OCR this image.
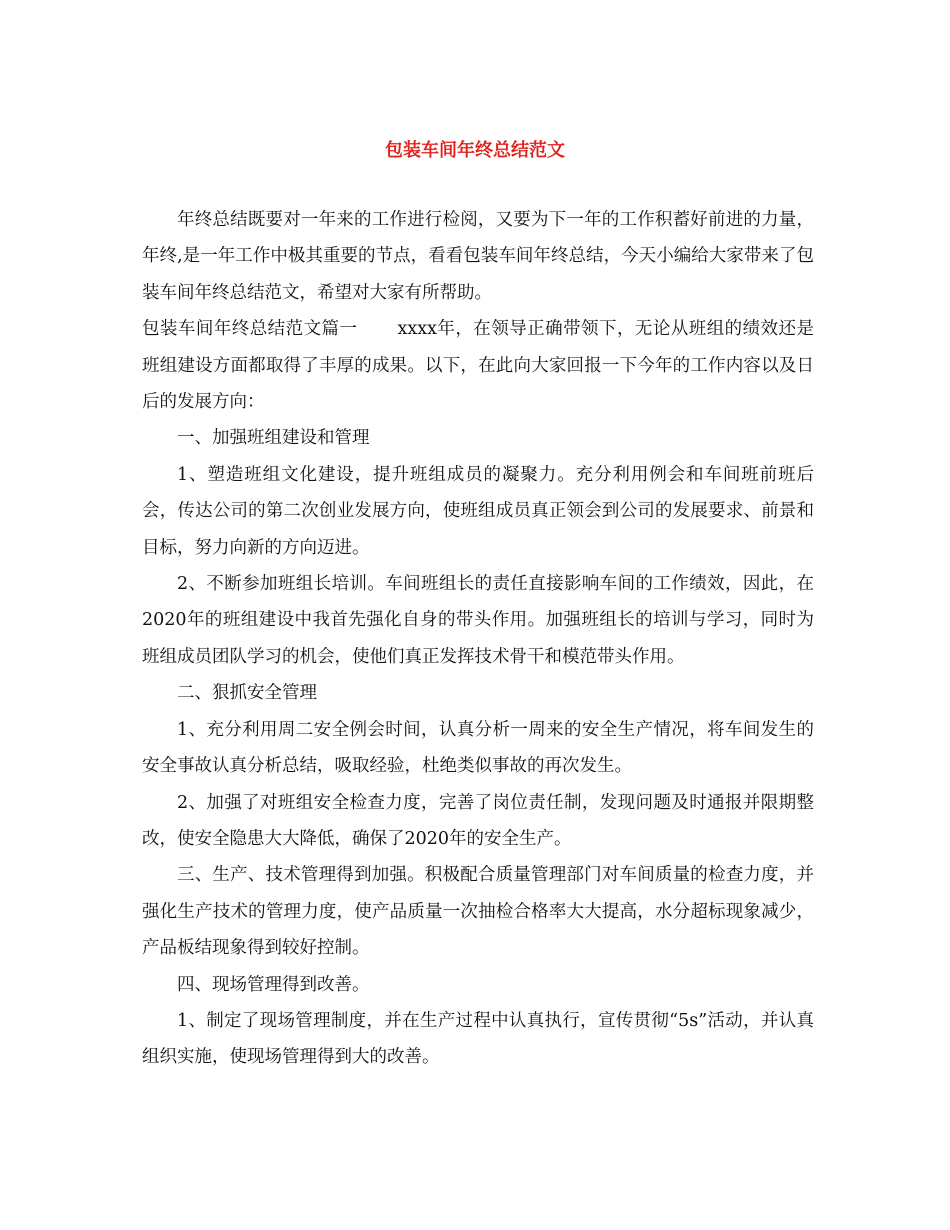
包装车间年终总结范文

年终总结既要对一年来的工作进行检阅，又要为下一年的工作积蓄好前进的力量，年终,是一年工作中极其重要的节点，看看包装车间年终总结，今天小编给大家带来了包装车间年终总结范文，希望对大家有所帮助。

包装车间年终总结范文篇一 xxxx年，在领导正确带领下，无论从班组的绩效还是班组建设方面都取得了丰厚的成果。以下，在此向大家回报一下今年的工作内容以及日后的发展方向：

一、加强班组建设和管理

1、塑造班组文化建设，提升班组成员的凝聚力。充分利用例会和车间班前班后会，传达公司的第二次创业发展方向，使班组成员真正领会到公司的发展要求、前景和目标，努力向新的方向迈进。

2、不断参加班组长培训。车间班组长的责任直接影响车间的工作绩效，因此，在2020年的班组建设中我首先强化自身的带头作用。加强班组长的培训与学习，同时为班组成员团队学习的机会，使他们真正发挥技术骨干和模范带头作用。

二、狠抓安全管理

1、充分利用周二安全例会时间，认真分析一周来的安全生产情况，将车间发生的安全事故认真分析总结，吸取经验，杜绝类似事故的再次发生。

2、加强了对班组安全检查力度，完善了岗位责任制，发现问题及时通报并限期整改，使安全隐患大大降低，确保了2020年的安全生产。

三、生产、技术管理得到加强。积极配合质量管理部门对车间质量的检查力度，并强化生产技术的管理力度，使产品质量一次抽检合格率大大提高，水分超标现象减少，产品板结现象得到较好控制。

四、现场管理得到改善。

1、制定了现场管理制度，并在生产过程中认真执行，宣传贯彻“5s”活动，并认真组织实施，使现场管理得到大的改善。
